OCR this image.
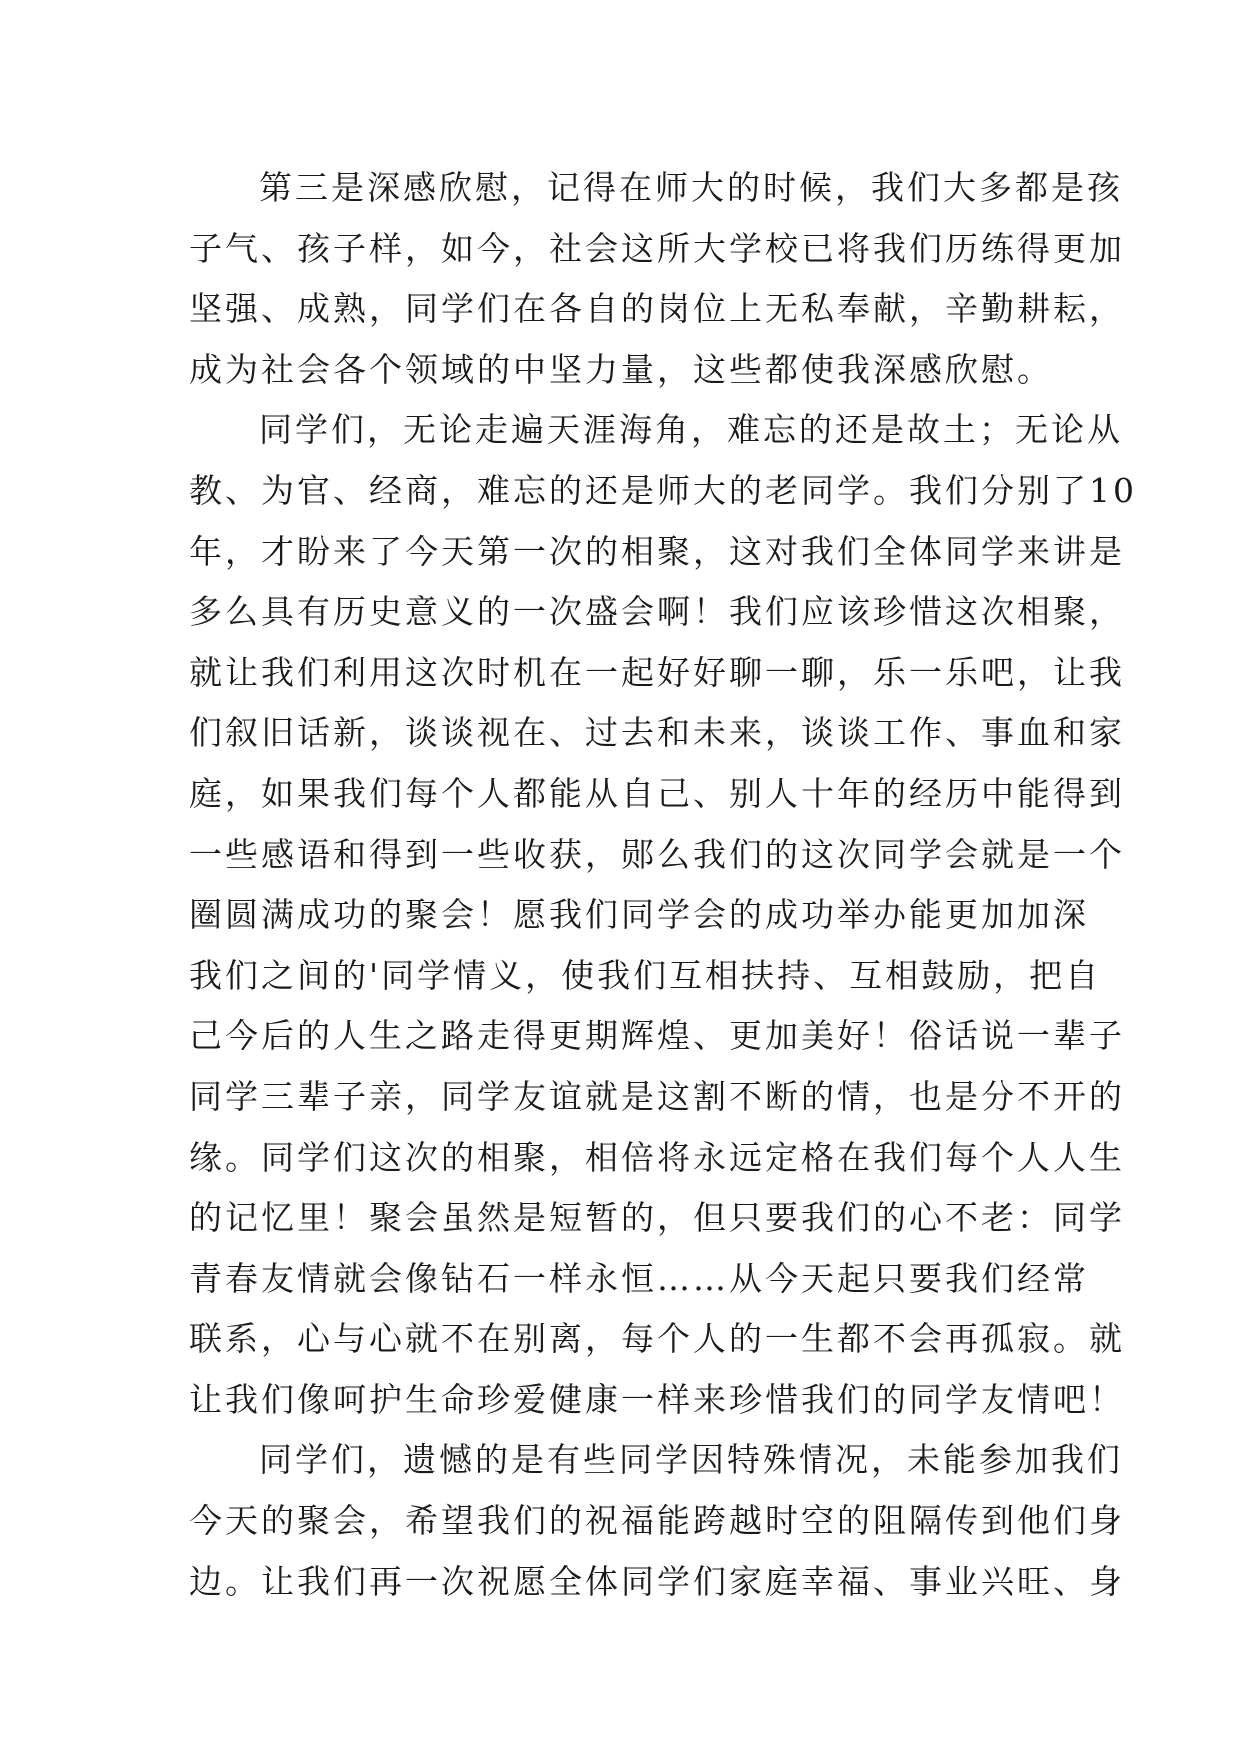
第三是深感欣慰，记得在师大的时候，我们大多都是孩
子气、孩子样，如今，社会这所大学校已将我们历练得更加
坚强、成熟，同学们在各自的岗位上无私奉献，辛勤耕耘，
成为社会各个领域的中坚力量，这些都使我深感欣慰。
同学们，无论走遍天涯海角，难忘的还是故土；无论从
教、为官、经商，难忘的还是师大的老同学。我们分别了10
年，才盼来了今天第一次的相聚，这对我们全体同学来讲是
多么具有历史意义的一次盛会啊！我们应该珍惜这次相聚，
就让我们利用这次时机在一起好好聊一聊，乐一乐吧，让我
们叙旧话新，谈谈视在、过去和未来，谈谈工作、事血和家
庭，如果我们每个人都能从自己、别人十年的经历中能得到
一些感语和得到一些收获，郧么我们的这次同学会就是一个
圈圆满成功的聚会！愿我们同学会的成功举办能更加加深
我们之间的'同学情义，使我们互相扶持、互相鼓励，把自
己今后的人生之路走得更期辉煌、更加美好！俗话说一辈子
同学三辈子亲，同学友谊就是这割不断的情，也是分不开的
缘。同学们这次的相聚，相倍将永远定格在我们每个人人生
的记忆里！聚会虽然是短暂的，但只要我们的心不老：同学
青春友情就会像钻石一样永恒……从今天起只要我们经常
联系，心与心就不在别离，每个人的一生都不会再孤寂。就
让我们像呵护生命珍爱健康一样来珍惜我们的同学友情吧！
同学们，遗憾的是有些同学因特殊情况，未能参加我们
今天的聚会，希望我们的祝福能跨越时空的阻隔传到他们身
边。让我们再一次祝愿全体同学们家庭幸福、事业兴旺、身
